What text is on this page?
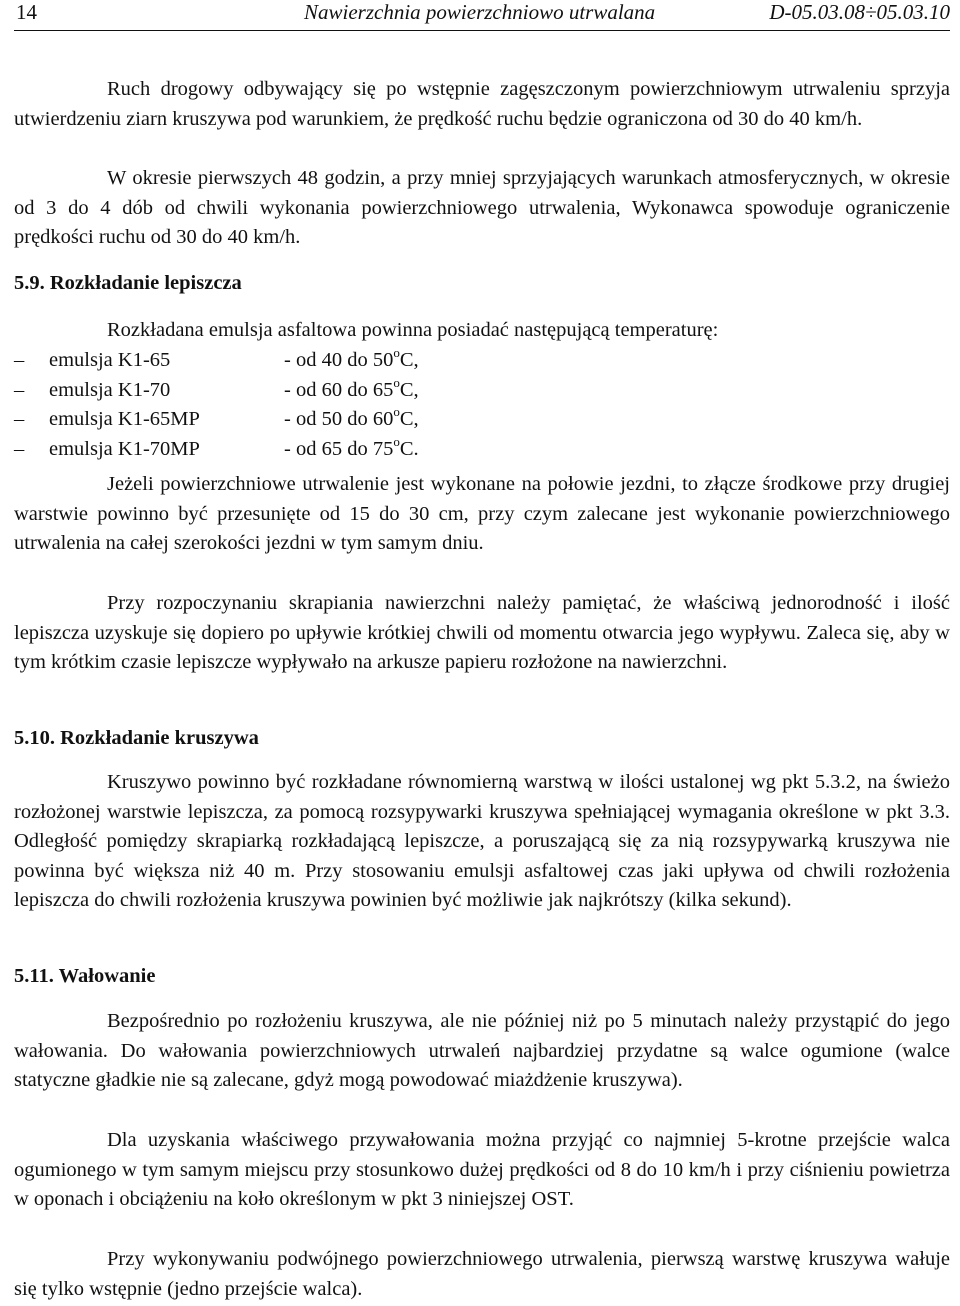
14	Nawierzchnia powierzchniowo utrwalana	D-05.03.08÷05.03.10

Ruch drogowy odbywający się po wstępnie zagęszczonym powierzchniowym utrwaleniu sprzyja utwierdzeniu ziarn kruszywa pod warunkiem, że prędkość ruchu będzie ograniczona od 30 do 40 km/h.

W okresie pierwszych 48 godzin, a przy mniej sprzyjających warunkach atmosferycznych, w okresie od 3 do 4 dób od chwili wykonania powierzchniowego utrwalenia, Wykonawca spowoduje ograniczenie prędkości ruchu od 30 do 40 km/h.

5.9. Rozkładanie lepiszcza

Rozkładana emulsja asfaltowa powinna posiadać następującą temperaturę:

– emulsja K1-65	- od 40 do 50$^o$C,
– emulsja K1-70	- od 60 do 65$^o$C,
– emulsja K1-65MP	- od 50 do 60$^o$C,
– emulsja K1-70MP	- od 65 do 75$^o$C.

Jeżeli powierzchniowe utrwalenie jest wykonane na połowie jezdni, to złącze środkowe przy drugiej warstwie powinno być przesunięte od 15 do 30 cm, przy czym zalecane jest wykonanie powierzchniowego utrwalenia na całej szerokości jezdni w tym samym dniu.

Przy rozpoczynaniu skrapiania nawierzchni należy pamiętać, że właściwą jednorodność i ilość lepiszcza uzyskuje się dopiero po upływie krótkiej chwili od momentu otwarcia jego wypływu. Zaleca się, aby w tym krótkim czasie lepiszcze wypływało na arkusze papieru rozłożone na nawierzchni.

5.10. Rozkładanie kruszywa

Kruszywo powinno być rozkładane równomierną warstwą w ilości ustalonej wg pkt 5.3.2, na świeżo rozłożonej warstwie lepiszcza, za pomocą rozsypywarki kruszywa spełniającej wymagania określone w pkt 3.3. Odległość pomiędzy skrapiarką rozkładającą lepiszcze, a poruszającą się za nią rozsypywarką kruszywa nie powinna być większa niż 40 m. Przy stosowaniu emulsji asfaltowej czas jaki upływa od chwili rozłożenia lepiszcza do chwili rozłożenia kruszywa powinien być możliwie jak najkrótszy (kilka sekund).

5.11. Wałowanie

Bezpośrednio po rozłożeniu kruszywa, ale nie później niż po 5 minutach należy przystąpić do jego wałowania. Do wałowania powierzchniowych utrwaleń najbardziej przydatne są walce ogumione (walce statyczne gładkie nie są zalecane, gdyż mogą powodować miażdżenie kruszywa).

Dla uzyskania właściwego przywałowania można przyjąć co najmniej 5-krotne przejście walca ogumionego w tym samym miejscu przy stosunkowo dużej prędkości od 8 do 10 km/h i przy ciśnieniu powietrza w oponach i obciążeniu na koło określonym w pkt 3 niniejszej OST.

Przy wykonywaniu podwójnego powierzchniowego utrwalenia, pierwszą warstwę kruszywa wałuje się tylko wstępnie (jedno przejście walca).
